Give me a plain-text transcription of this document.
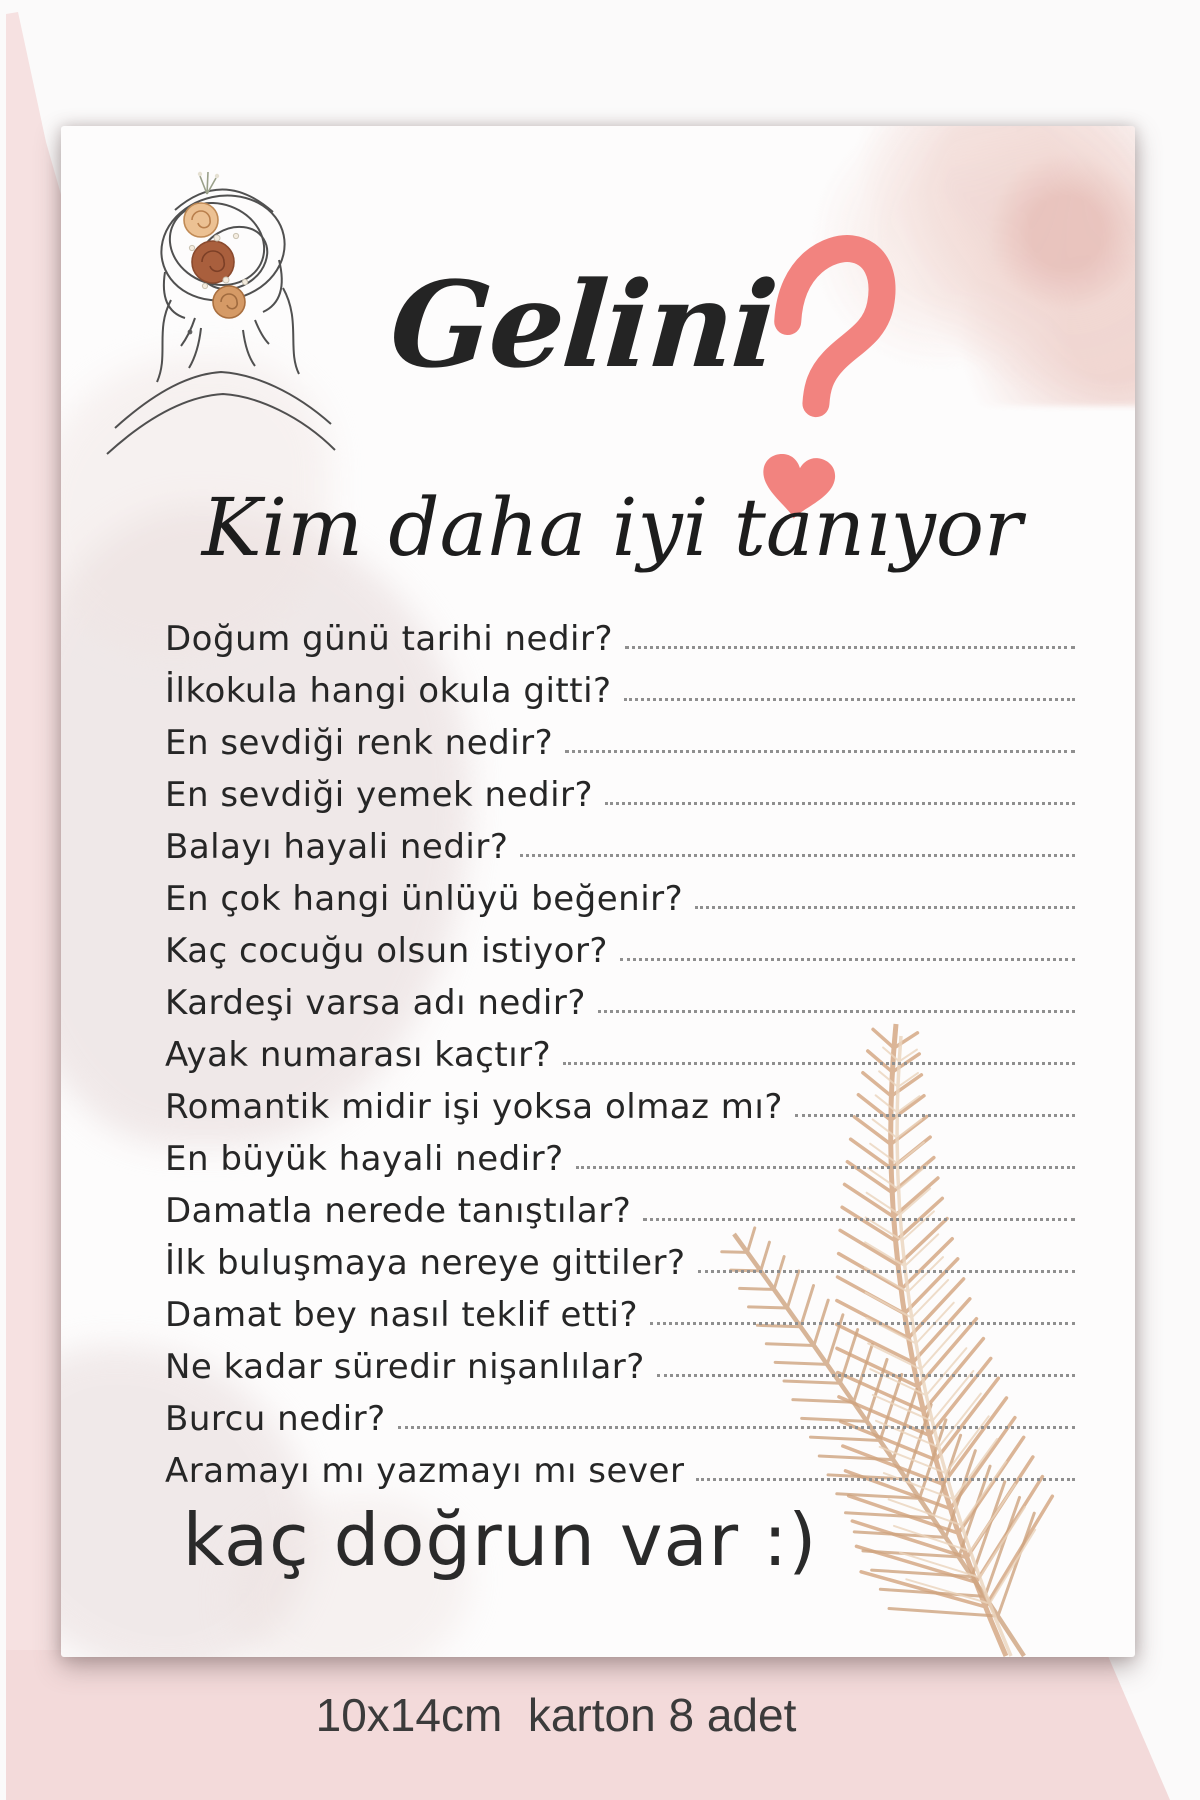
Gelini
Kim daha iyi tanıyor
Doğum günü tarihi nedir?
İlkokula hangi okula gitti?
En sevdiği renk nedir?
En sevdiği yemek nedir?
Balayı hayali nedir?
En çok hangi ünlüyü beğenir?
Kaç cocuğu olsun istiyor?
Kardeşi varsa adı nedir?
Ayak numarası kaçtır?
Romantik midir işi yoksa olmaz mı?
En büyük hayali nedir?
Damatla nerede tanıştılar?
İlk buluşmaya nereye gittiler?
Damat bey nasıl teklif etti?
Ne kadar süredir nişanlılar?
Burcu nedir?
Aramayı mı yazmayı mı sever
kaç doğrun var :)
10x14cm  karton 8 adet
